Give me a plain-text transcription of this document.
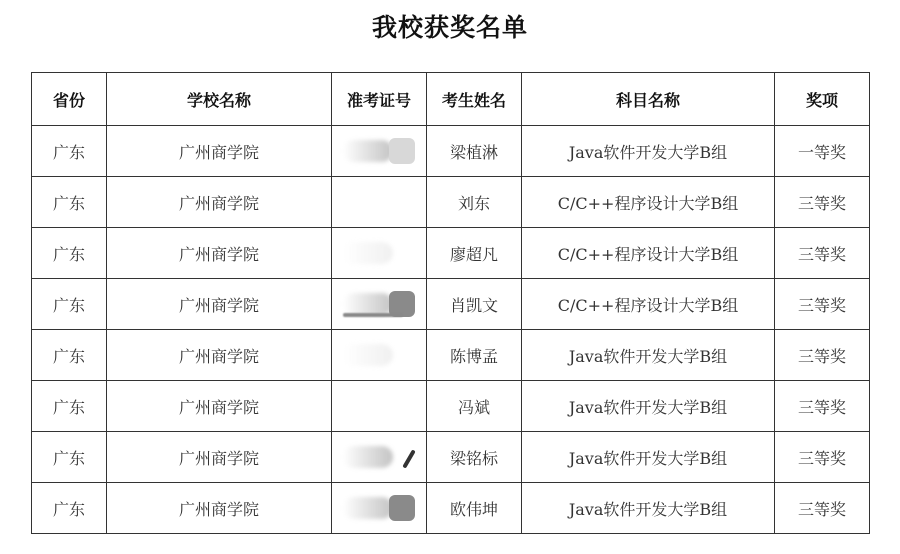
我校获奖名单
省份	学校名称	准考证号	考生姓名	科目名称	奖项
广东	广州商学院		梁植淋	Java软件开发大学B组	一等奖
广东	广州商学院		刘东	C/C++程序设计大学B组	三等奖
广东	广州商学院		廖超凡	C/C++程序设计大学B组	三等奖
广东	广州商学院		肖凯文	C/C++程序设计大学B组	三等奖
广东	广州商学院		陈博孟	Java软件开发大学B组	三等奖
广东	广州商学院		冯斌	Java软件开发大学B组	三等奖
广东	广州商学院		梁铭标	Java软件开发大学B组	三等奖
广东	广州商学院		欧伟坤	Java软件开发大学B组	三等奖
